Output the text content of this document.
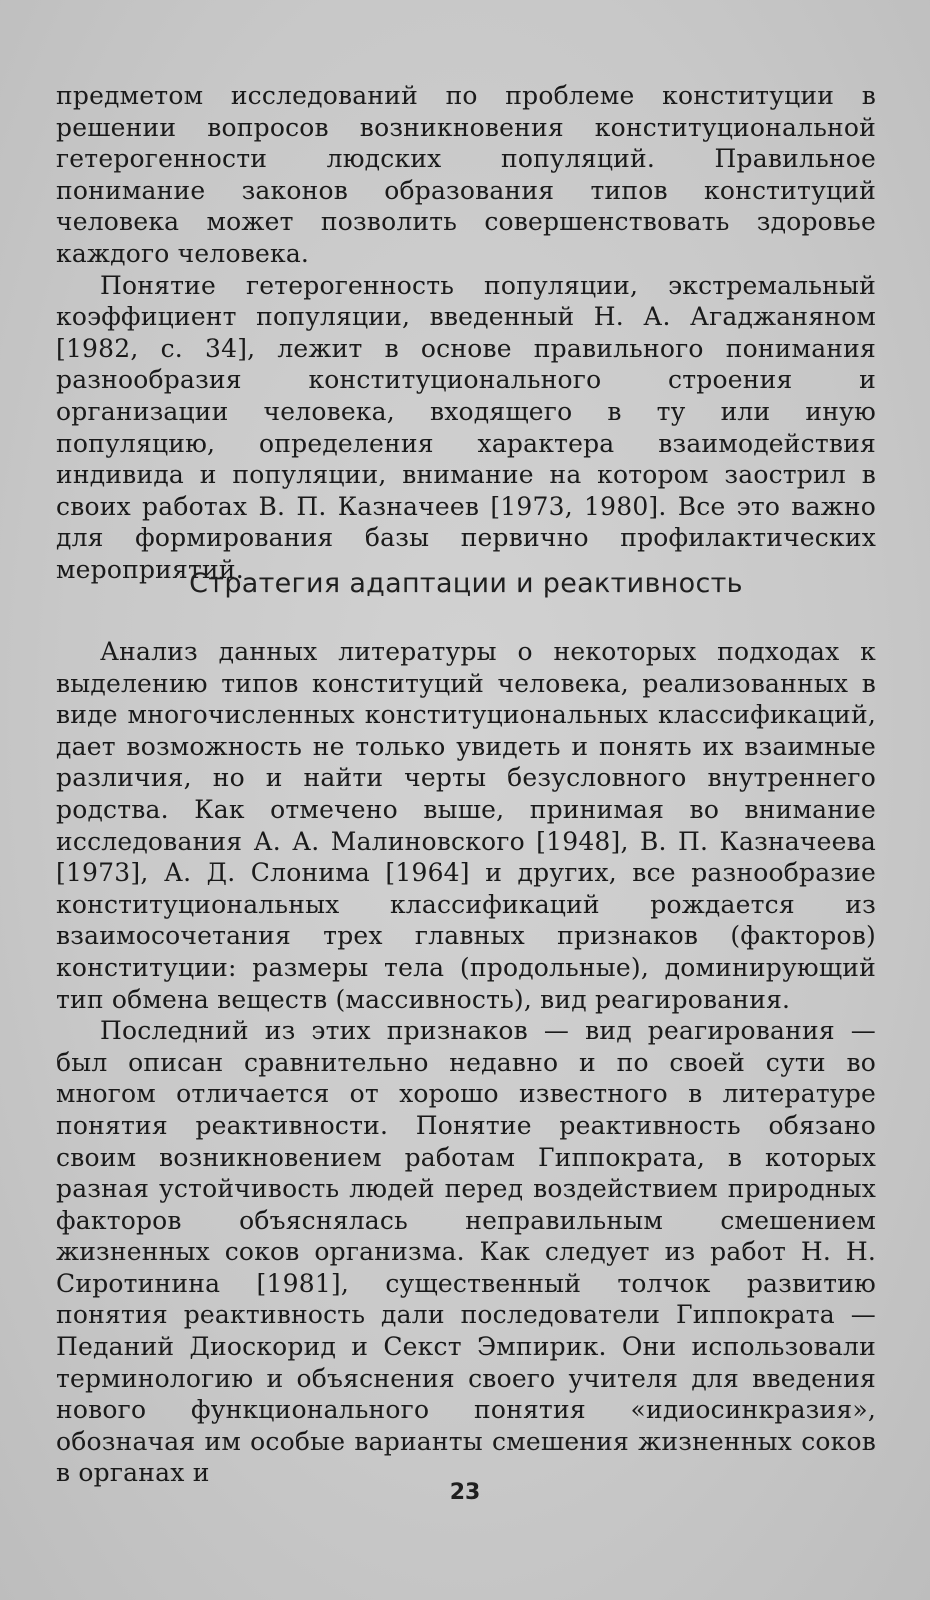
предметом исследований по проблеме конституции в решении вопросов возникновения конституциональной гетерогенности людских популяций. Правильное понимание законов образования типов конституций человека может позволить совершенствовать здоровье каждого человека.

Понятие гетерогенность популяции, экстремальный коэффициент популяции, введенный Н. А. Агаджаняном [1982, с. 34], лежит в основе правильного понимания разнообразия конституционального строения и организации человека, входящего в ту или иную популяцию, определения характера взаимодействия индивида и популяции, внимание на котором заострил в своих работах В. П. Казначеев [1973, 1980]. Все это важно для формирования базы первично профилактических мероприятий.

Стратегия адаптации и реактивность

Анализ данных литературы о некоторых подходах к выделению типов конституций человека, реализованных в виде многочисленных конституциональных классификаций, дает возможность не только увидеть и понять их взаимные различия, но и найти черты безусловного внутреннего родства. Как отмечено выше, принимая во внимание исследования А. А. Малиновского [1948], В. П. Казначеева [1973], А. Д. Слонима [1964] и других, все разнообразие конституциональных классификаций рождается из взаимосочетания трех главных признаков (факторов) конституции: размеры тела (продольные), доминирующий тип обмена веществ (массивность), вид реагирования.

Последний из этих признаков — вид реагирования — был описан сравнительно недавно и по своей сути во многом отличается от хорошо известного в литературе понятия реактивности. Понятие реактивность обязано своим возникновением работам Гиппократа, в которых разная устойчивость людей перед воздействием природных факторов объяснялась неправильным смешением жизненных соков организма. Как следует из работ Н. Н. Сиротинина [1981], существенный толчок развитию понятия реактивность дали последователи Гиппократа — Педаний Диоскорид и Секст Эмпирик. Они использовали терминологию и объяснения своего учителя для введения нового функционального понятия «идиосинкразия», обозначая им особые варианты смешения жизненных соков в органах и

23
